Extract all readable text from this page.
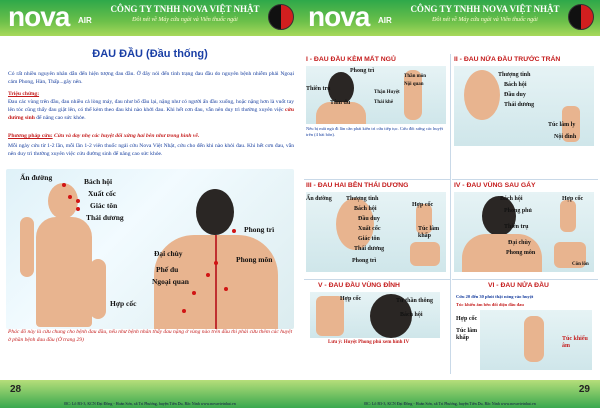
nova AIR
CÔNG TY TNHH NOVA VIỆT NHẬT
Đôi nét về Máy cứu ngải và Viên thuốc ngải
ĐAU ĐẦU (Đầu thống)
Có rất nhiều nguyên nhân dẫn đến hiện tượng đau đầu. Ở đây nói đến tình trạng đau đầu do nguyên bệnh nhiễm phải Ngoại cảm Phong, Hàn, Thấp...gây nên.
Triệu chứng:
Đau các vùng trên đầu, đau nhiều cả lòng máy, đau như bổ đầu lại, nặng như có người ấn đầu xuống, hoặc nặng hơn là vuốt tay lên tóc cũng thấy đau giật lên, có thể kèm theo đau khi nào khởi đau. Khi hết cơn đau, vẫn nên duy trì thường xuyên việc cứu đường sinh để nâng cao sức khỏe.
Phương pháp cứu: Cứu và day nhẹ các huyệt đối xứng hai bên như trong hình vẽ.
Mỗi ngày cứu từ 1-2 lần, mỗi lần 1-2 viên thuốc ngải cứu Nova Việt Nhật, cứu cho đến khi nào khỏi đau. Khi hết cơn đau, vẫn nên duy trì thường xuyên việc cứu đường sinh để nâng cao sức khỏe.
Ấn đường	Bách hội
Xuất cốc
Giác tôn
Thái dương
Phong trì
Đại chùy
Phế du
Ngoại quan
Phong môn
Hợp cốc
Phác đồ này là cứu chung cho bệnh đau đầu, nếu như bệnh nhân thấy đau nặng ở vùng nào trên đầu thì phải cứu thêm các huyệt ở phần bệnh đau đầu (Ở trang 29)
28
ĐC: Lô B3-3, KCN Đại Đồng - Hoàn Sơn, xã Tri Phương, huyện Tiên Du, Bắc Ninh www.novavietnhat.vn
nova AIR
CÔNG TY TNHH NOVA VIỆT NHẬT
Đôi nét về Máy cứu ngải và Viên thuốc ngải
I - ĐAU ĐẦU KÈM MẤT NGỦ
Phong trì
Thiên trụ
Tâm du
Thần môn
Nội quan
Thận Huyệt
Thái khê
Nếu bị mất ngủ đi lần cần phải kiên trì cứu tiếp tục. Cứu đối xứng các huyệt trên (4 bài bôn).
II - ĐAU NỬA ĐẦU TRƯỚC TRÁN
Thượng tinh
Bách hội
Đầu duy
Thái dương
Túc lâm ly
Nội đình
III - ĐAU HAI BÊN THÁI DƯƠNG
Ấn đường Thượng tinh
Bách hội
Đầu duy
Xuất cốc
Giác tôn
Thái dương
Phong trì
Hợp cốc
Túc lâm khấp
IV - ĐAU VÙNG SAU GÁY
Bách hội
Phong phủ
Thiên trụ
Đại chùy
Phong môn
Hợp cốc
Côn lôn
V - ĐAU ĐẦU VÙNG ĐỈNH
Hợp cốc	Tứ thần thông
Bách hội
Lưu ý: Huyệt Phong phủ xem hình IV
VI - ĐAU NỬA ĐẦU
Cứu 20 đến 30 phút thật nóng vào huyệt
Túc khiếu âm bên đối diện đầu đau
Hợp cốc
Túc lâm khấp	Túc khiếu âm
29
ĐC: Lô B3-3, KCN Đại Đồng - Hoàn Sơn, xã Tri Phương, huyện Tiên Du, Bắc Ninh www.novavietnhat.vn
